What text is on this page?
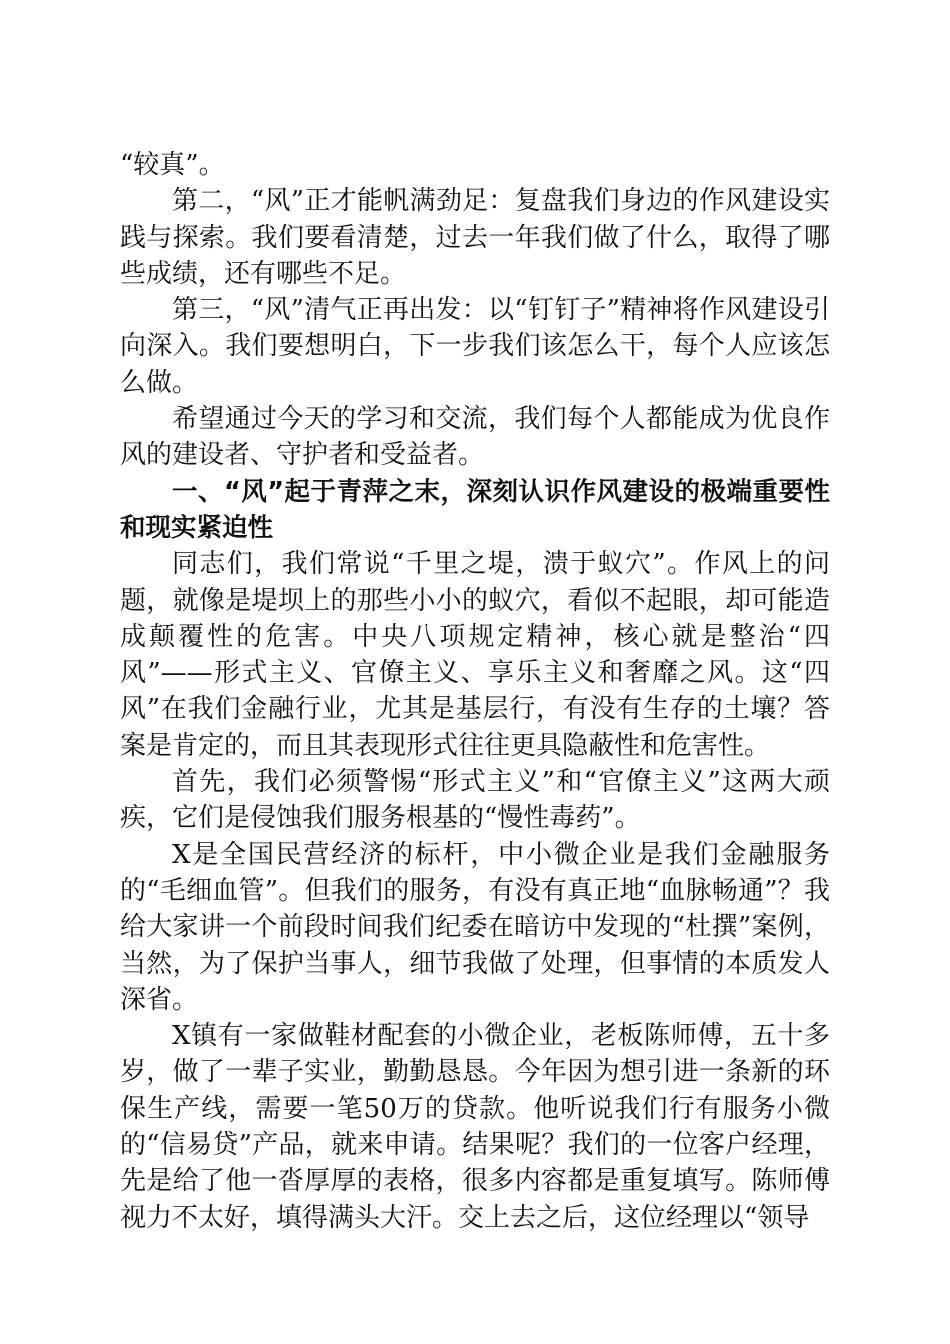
“较真”。

第二，“风”正才能帆满劲足：复盘我们身边的作风建设实践与探索。我们要看清楚，过去一年我们做了什么，取得了哪些成绩，还有哪些不足。

第三，“风”清气正再出发：以“钉钉子”精神将作风建设引向深入。我们要想明白，下一步我们该怎么干，每个人应该怎么做。

希望通过今天的学习和交流，我们每个人都能成为优良作风的建设者、守护者和受益者。

一、“风”起于青萍之末，深刻认识作风建设的极端重要性和现实紧迫性

同志们，我们常说“千里之堤，溃于蚁穴”。作风上的问题，就像是堤坝上的那些小小的蚁穴，看似不起眼，却可能造成颠覆性的危害。中央八项规定精神，核心就是整治“四风”——形式主义、官僚主义、享乐主义和奢靡之风。这“四风”在我们金融行业，尤其是基层行，有没有生存的土壤？答案是肯定的，而且其表现形式往往更具隐蔽性和危害性。

首先，我们必须警惕“形式主义”和“官僚主义”这两大顽疾，它们是侵蚀我们服务根基的“慢性毒药”。

X是全国民营经济的标杆，中小微企业是我们金融服务的“毛细血管”。但我们的服务，有没有真正地“血脉畅通”？我给大家讲一个前段时间我们纪委在暗访中发现的“杜撰”案例，当然，为了保护当事人，细节我做了处理，但事情的本质发人深省。

X镇有一家做鞋材配套的小微企业，老板陈师傅，五十多岁，做了一辈子实业，勤勤恳恳。今年因为想引进一条新的环保生产线，需要一笔50万的贷款。他听说我们行有服务小微的“信易贷”产品，就来申请。结果呢？我们的一位客户经理，先是给了他一沓厚厚的表格，很多内容都是重复填写。陈师傅视力不太好，填得满头大汗。交上去之后，这位经理以“领导
